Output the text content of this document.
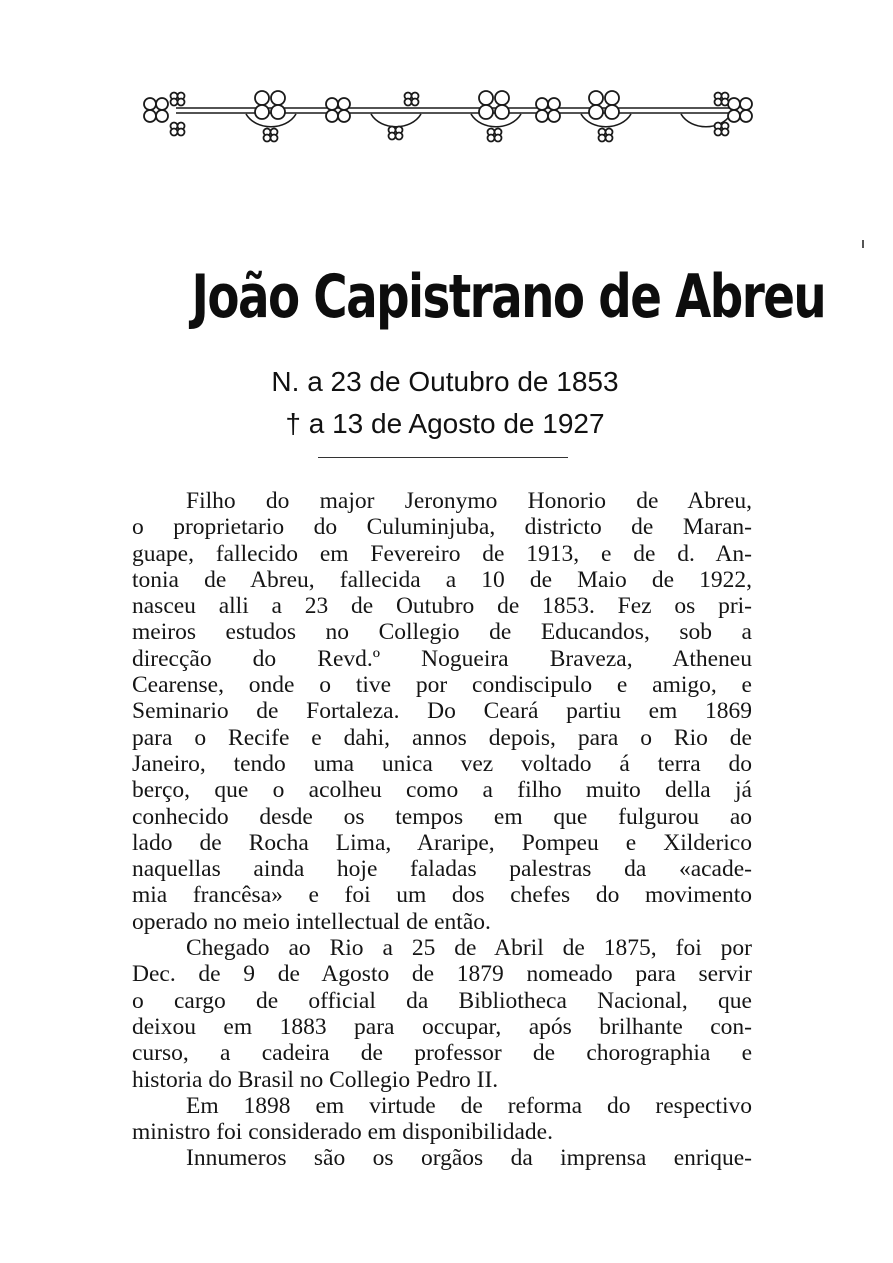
João Capistrano de Abreu
N. a 23 de Outubro de 1853
† a 13 de Agosto de 1927
Filho do major Jeronymo Honorio de Abreu,
o proprietario do Culuminjuba, districto de Maran-
guape, fallecido em Fevereiro de 1913, e de d. An-
tonia de Abreu, fallecida a 10 de Maio de 1922,
nasceu alli a 23 de Outubro de 1853. Fez os pri-
meiros estudos no Collegio de Educandos, sob a
direcção do Revd.º Nogueira Braveza, Atheneu
Cearense, onde o tive por condiscipulo e amigo, e
Seminario de Fortaleza. Do Ceará partiu em 1869
para o Recife e dahi, annos depois, para o Rio de
Janeiro, tendo uma unica vez voltado á terra do
berço, que o acolheu como a filho muito della já
conhecido desde os tempos em que fulgurou ao
lado de Rocha Lima, Araripe, Pompeu e Xilderico
naquellas ainda hoje faladas palestras da «acade-
mia francêsa» e foi um dos chefes do movimento
operado no meio intellectual de então.
Chegado ao Rio a 25 de Abril de 1875, foi por
Dec. de 9 de Agosto de 1879 nomeado para servir
o cargo de official da Bibliotheca Nacional, que
deixou em 1883 para occupar, após brilhante con-
curso, a cadeira de professor de chorographia e
historia do Brasil no Collegio Pedro II.
Em 1898 em virtude de reforma do respectivo
ministro foi considerado em disponibilidade.
Innumeros são os orgãos da imprensa enrique-
